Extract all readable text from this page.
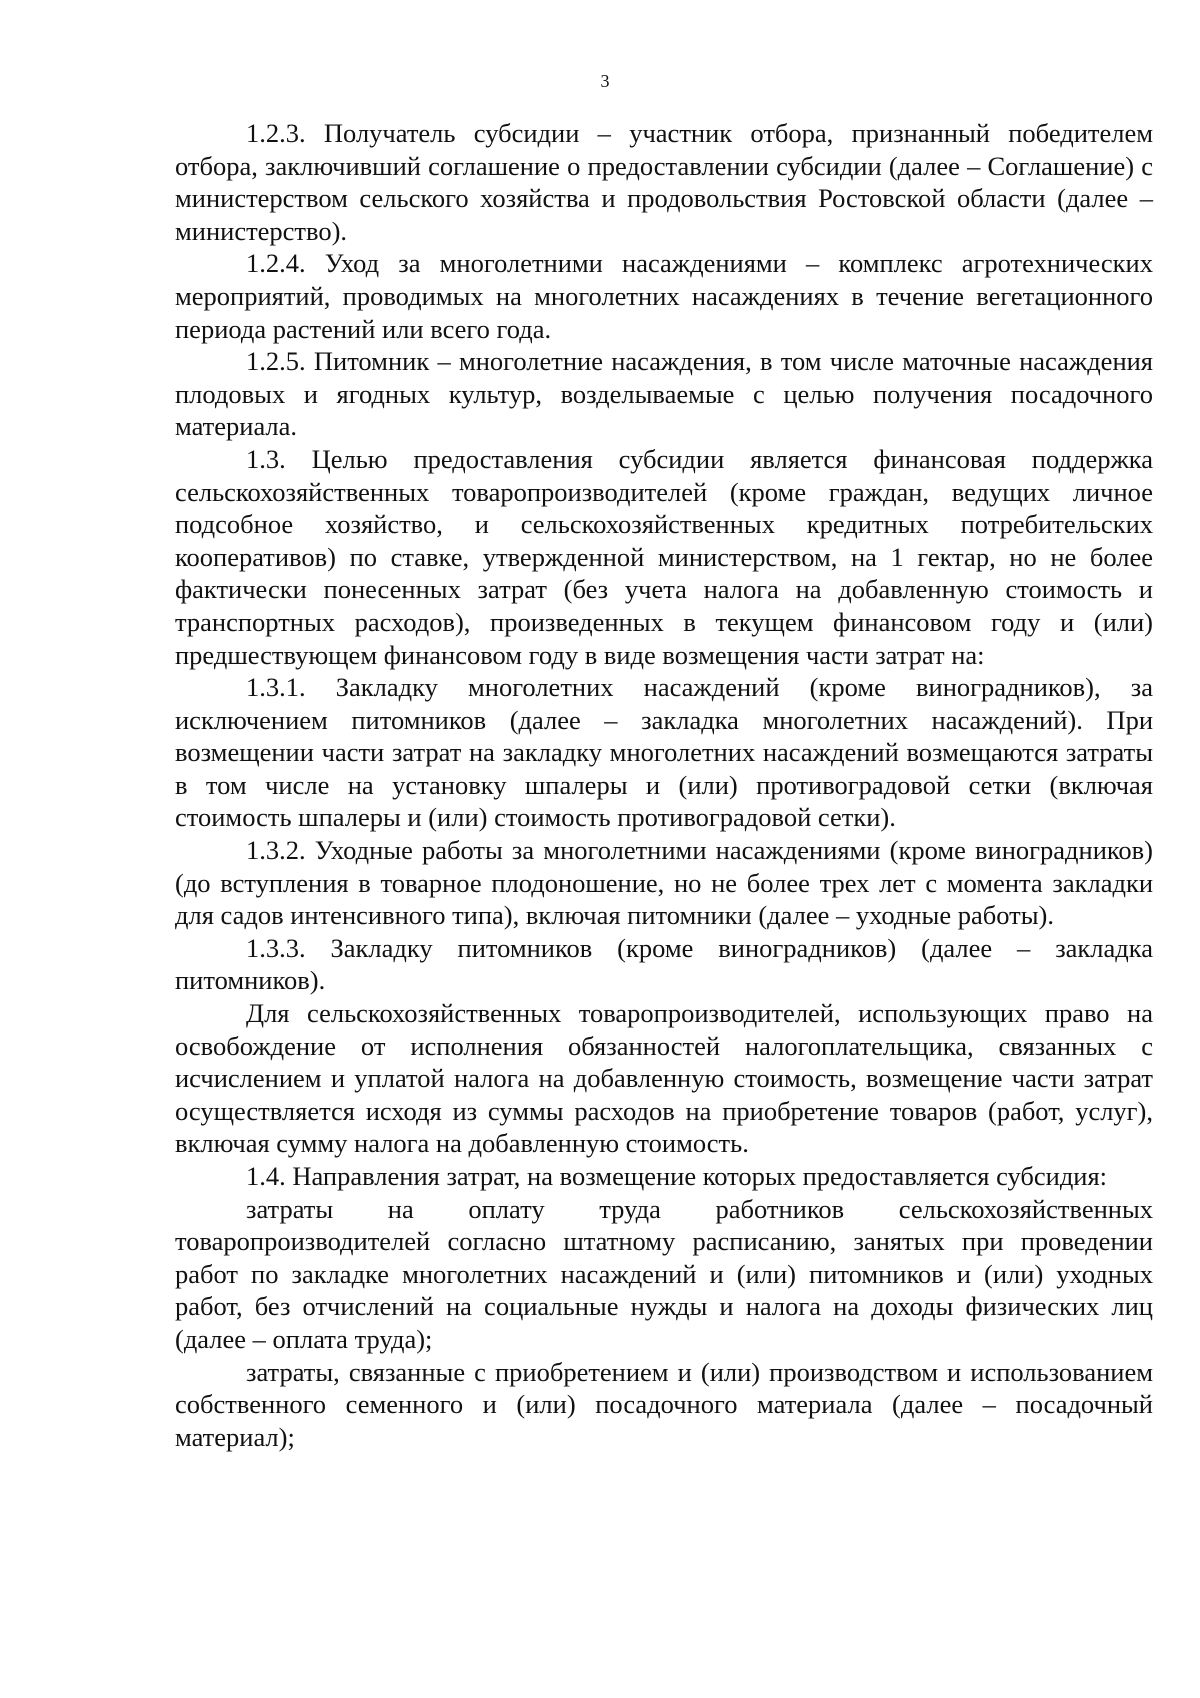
3

1.2.3. Получатель субсидии – участник отбора, признанный победителем отбора, заключивший соглашение о предоставлении субсидии (далее – Соглашение) с министерством сельского хозяйства и продовольствия Ростовской области (далее – министерство).

1.2.4. Уход за многолетними насаждениями – комплекс агротехнических мероприятий, проводимых на многолетних насаждениях в течение вегетационного периода растений или всего года.

1.2.5. Питомник – многолетние насаждения, в том числе маточные насаждения плодовых и ягодных культур, возделываемые с целью получения посадочного материала.

1.3. Целью предоставления субсидии является финансовая поддержка сельскохозяйственных товаропроизводителей (кроме граждан, ведущих личное подсобное хозяйство, и сельскохозяйственных кредитных потребительских кооперативов) по ставке, утвержденной министерством, на 1 гектар, но не более фактически понесенных затрат (без учета налога на добавленную стоимость и транспортных расходов), произведенных в текущем финансовом году и (или) предшествующем финансовом году в виде возмещения части затрат на:

1.3.1. Закладку многолетних насаждений (кроме виноградников), за исключением питомников (далее – закладка многолетних насаждений). При возмещении части затрат на закладку многолетних насаждений возмещаются затраты в том числе на установку шпалеры и (или) противоградовой сетки (включая стоимость шпалеры и (или) стоимость противоградовой сетки).

1.3.2. Уходные работы за многолетними насаждениями (кроме виноградников) (до вступления в товарное плодоношение, но не более трех лет с момента закладки для садов интенсивного типа), включая питомники (далее – уходные работы).

1.3.3. Закладку питомников (кроме виноградников) (далее – закладка питомников).

Для сельскохозяйственных товаропроизводителей, использующих право на освобождение от исполнения обязанностей налогоплательщика, связанных с исчислением и уплатой налога на добавленную стоимость, возмещение части затрат осуществляется исходя из суммы расходов на приобретение товаров (работ, услуг), включая сумму налога на добавленную стоимость.

1.4. Направления затрат, на возмещение которых предоставляется субсидия:

затраты на оплату труда работников сельскохозяйственных товаропроизводителей согласно штатному расписанию, занятых при проведении работ по закладке многолетних насаждений и (или) питомников и (или) уходных работ, без отчислений на социальные нужды и налога на доходы физических лиц (далее – оплата труда);

затраты, связанные с приобретением и (или) производством и использованием собственного семенного и (или) посадочного материала (далее – посадочный материал);
